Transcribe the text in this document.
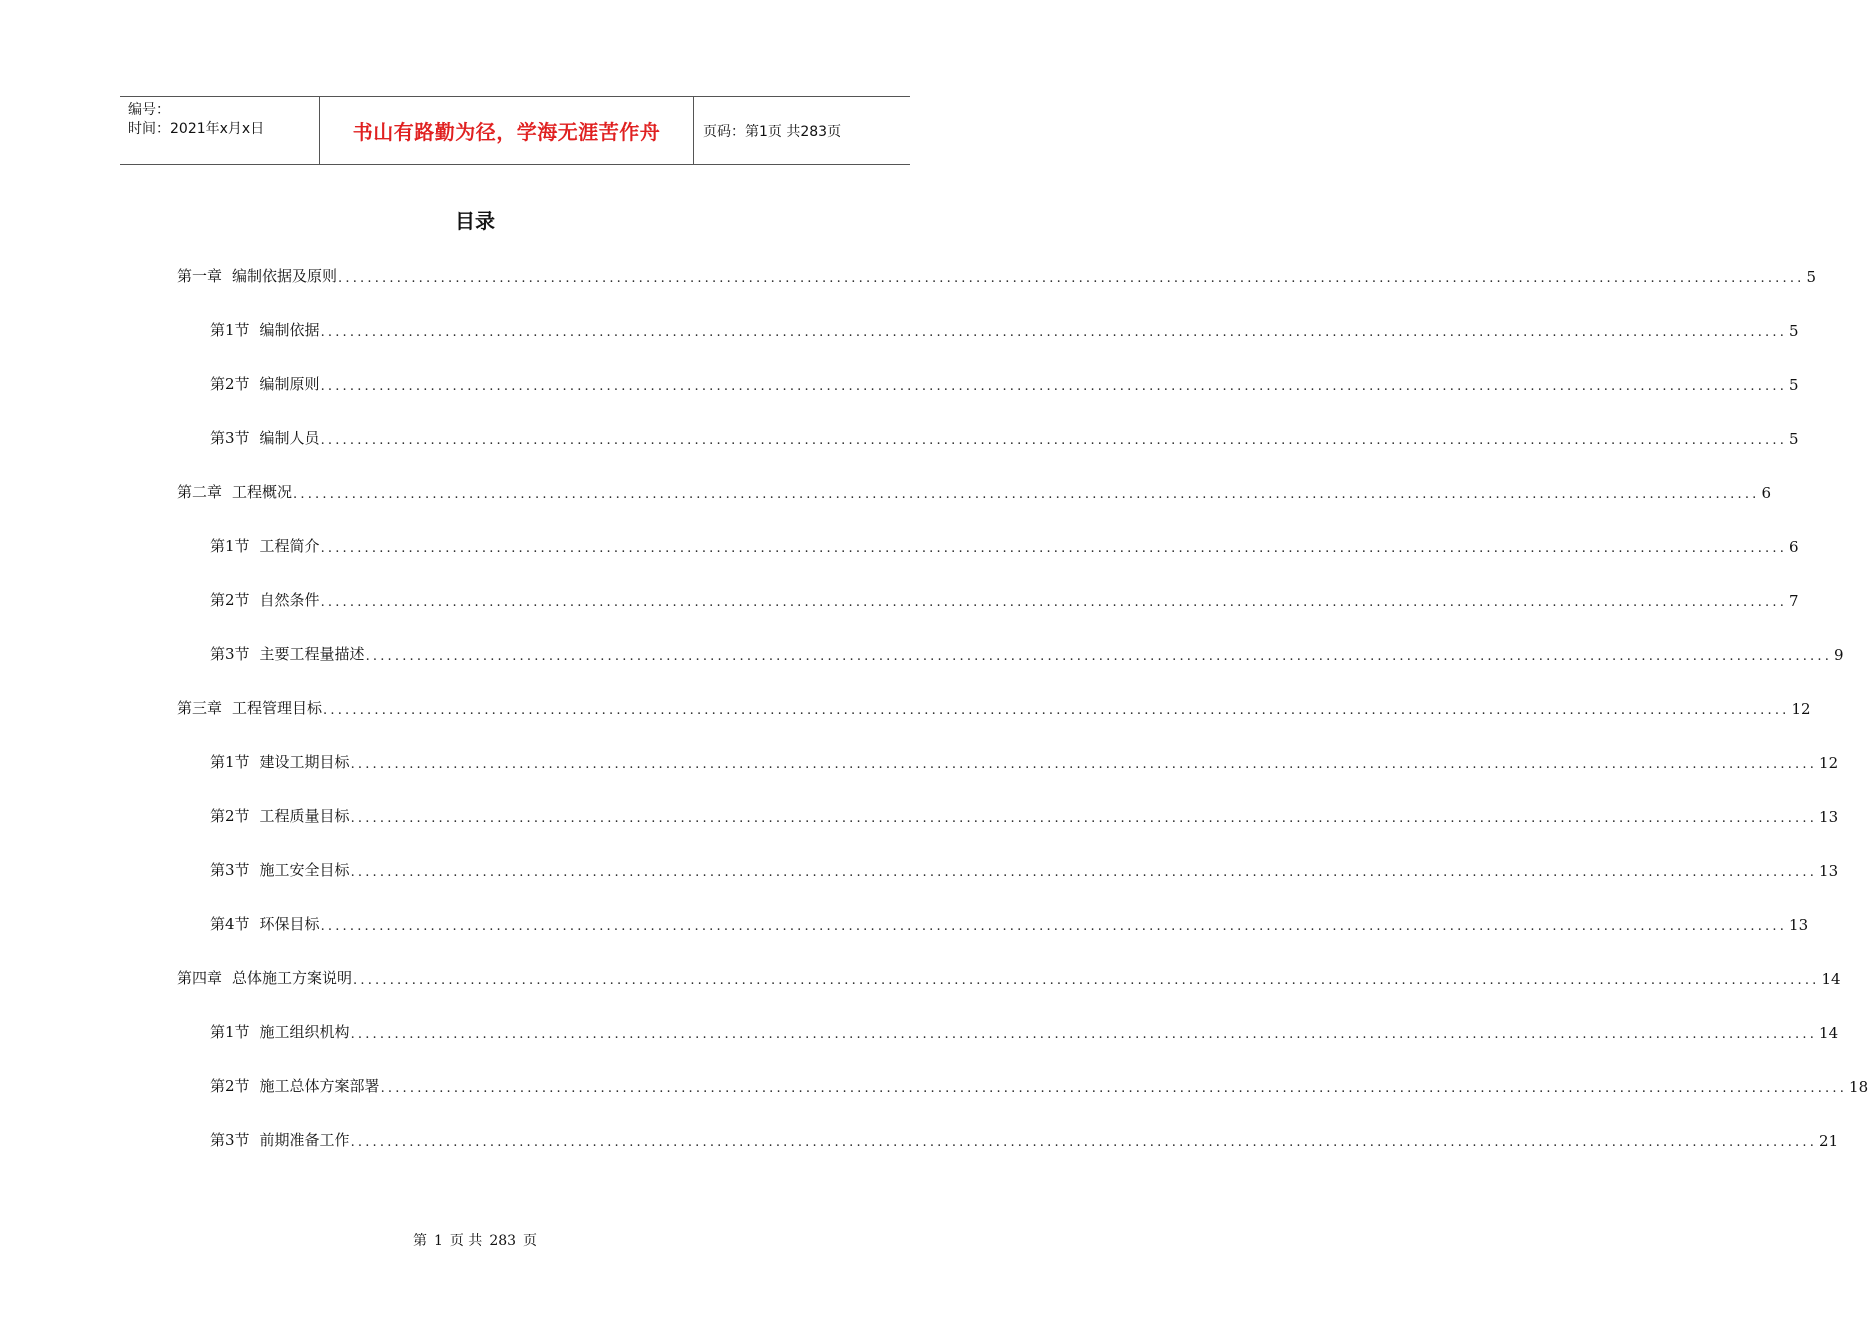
编号：
时间：2021年x月x日	书山有路勤为径，学海无涯苦作舟	页码：第1页 共283页
目录
第一章 编制依据及原则 ........................................................................................................................................................................................................ 5
第1节 编制依据 ........................................................................................................................................................................................................ 5
第2节 编制原则 ........................................................................................................................................................................................................ 5
第3节 编制人员 ........................................................................................................................................................................................................ 5
第二章 工程概况 ........................................................................................................................................................................................................ 6
第1节 工程简介 ........................................................................................................................................................................................................ 6
第2节 自然条件 ........................................................................................................................................................................................................ 7
第3节 主要工程量描述 ........................................................................................................................................................................................................ 9
第三章 工程管理目标 ........................................................................................................................................................................................................ 12
第1节 建设工期目标 ........................................................................................................................................................................................................ 12
第2节 工程质量目标 ........................................................................................................................................................................................................ 13
第3节 施工安全目标 ........................................................................................................................................................................................................ 13
第4节 环保目标 ........................................................................................................................................................................................................ 13
第四章 总体施工方案说明 ........................................................................................................................................................................................................ 14
第1节 施工组织机构 ........................................................................................................................................................................................................ 14
第2节 施工总体方案部署 ........................................................................................................................................................................................................ 18
第3节 前期准备工作 ........................................................................................................................................................................................................ 21
第 1 页 共 283 页
